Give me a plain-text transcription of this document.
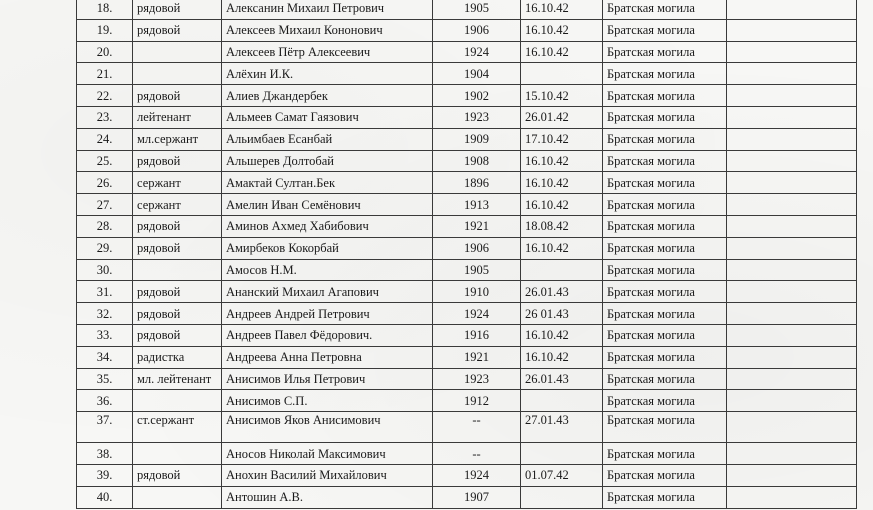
18.	рядовой	Алексанин Михаил Петрович	1905	16.10.42	Братская могила	
19.	рядовой	Алексеев Михаил Кононович	1906	16.10.42	Братская могила	
20.		Алексеев Пётр Алексеевич	1924	16.10.42	Братская могила	
21.		Алёхин И.К.	1904		Братская могила	
22.	рядовой	Алиев Джандербек	1902	15.10.42	Братская могила	
23.	лейтенант	Альмеев Самат Гаязович	1923	26.01.42	Братская могила	
24.	мл.сержант	Альимбаев Есанбай	1909	17.10.42	Братская могила	
25.	рядовой	Альшерев Долтобай	1908	16.10.42	Братская могила	
26.	сержант	Амактай Султан.Бек	1896	16.10.42	Братская могила	
27.	сержант	Амелин Иван Семёнович	1913	16.10.42	Братская могила	
28.	рядовой	Аминов Ахмед Хабибович	1921	18.08.42	Братская могила	
29.	рядовой	Амирбеков Кокорбай	1906	16.10.42	Братская могила	
30.		Амосов Н.М.	1905		Братская могила	
31.	рядовой	Ананский Михаил Агапович	1910	26.01.43	Братская могила	
32.	рядовой	Андреев Андрей Петрович	1924	26 01.43	Братская могила	
33.	рядовой	Андреев Павел Фёдорович.	1916	16.10.42	Братская могила	
34.	радистка	Андреева Анна Петровна	1921	16.10.42	Братская могила	
35.	мл. лейтенант	Анисимов Илья Петрович	1923	26.01.43	Братская могила	
36.		Анисимов С.П.	1912		Братская могила	
37.	ст.сержант	Анисимов Яков Анисимович	--	27.01.43	Братская могила	
38.		Аносов Николай Максимович	--		Братская могила	
39.	рядовой	Анохин Василий Михайлович	1924	01.07.42	Братская могила	
40.		Антошин А.В.	1907		Братская могила	
